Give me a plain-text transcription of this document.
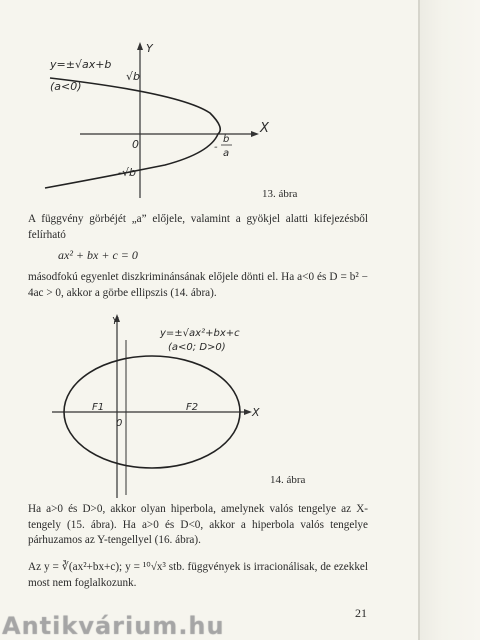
y=±√ax+b
(a<0)
Y
X
√b
-√b
0	-
b
a
13. ábra
A függvény görbéjét „a” előjele, valamint a gyökjel alatti kifejezésből felírható
ax² + bx + c = 0
másodfokú egyenlet diszkriminánsának előjele dönti el. Ha a<0 és D = b² − 4ac > 0, akkor a görbe ellipszis (14. ábra).
Y
X
y=±√ax²+bx+c
(a<0; D>0)
F1	F2
0
14. ábra
Ha a>0 és D>0, akkor olyan hiperbola, amelynek valós tengelye az X-tengely (15. ábra). Ha a>0 és D<0, akkor a hiperbola valós tengelye párhuzamos az Y-tengellyel (16. ábra).
Az y = ∛(ax²+bx+c); y = ¹⁰√x³ stb. függvények is irracionálisak, de ezekkel most nem foglalkozunk.
21
Antikvárium.hu
